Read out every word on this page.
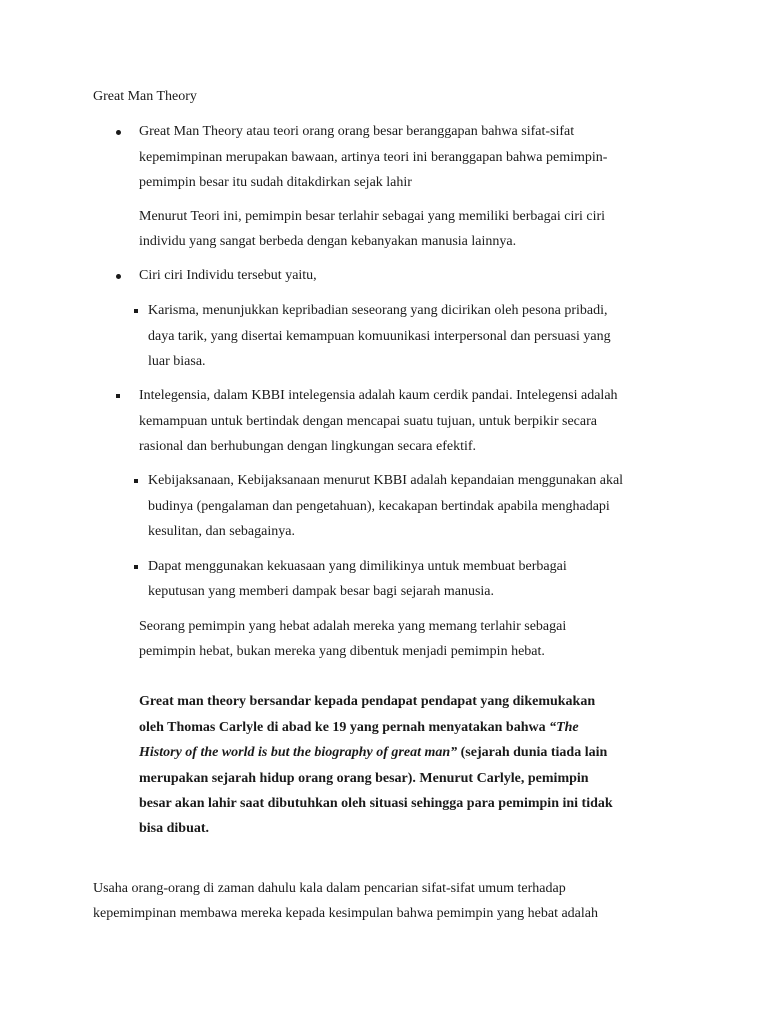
Great Man Theory
Great Man Theory atau teori orang orang besar beranggapan bahwa sifat-sifat
kepemimpinan merupakan bawaan, artinya teori ini beranggapan bahwa pemimpin-
pemimpin besar itu sudah ditakdirkan sejak lahir
Menurut Teori ini, pemimpin besar terlahir sebagai yang memiliki berbagai ciri ciri
individu yang sangat berbeda dengan kebanyakan manusia lainnya.
Ciri ciri Individu tersebut yaitu,
Karisma, menunjukkan kepribadian seseorang yang dicirikan oleh pesona pribadi,
daya tarik, yang disertai kemampuan komuunikasi interpersonal dan persuasi yang
luar biasa.
Intelegensia, dalam KBBI intelegensia adalah kaum cerdik pandai. Intelegensi adalah
kemampuan untuk bertindak dengan mencapai suatu tujuan, untuk berpikir secara
rasional dan berhubungan dengan lingkungan secara efektif.
Kebijaksanaan, Kebijaksanaan menurut KBBI adalah kepandaian menggunakan akal
budinya (pengalaman dan pengetahuan), kecakapan bertindak apabila menghadapi
kesulitan, dan sebagainya.
Dapat menggunakan kekuasaan yang dimilikinya untuk membuat berbagai
keputusan yang memberi dampak besar bagi sejarah manusia.
Seorang pemimpin yang hebat adalah mereka yang memang terlahir sebagai
pemimpin hebat, bukan mereka yang dibentuk menjadi pemimpin hebat.
Great man theory bersandar kepada pendapat pendapat yang dikemukakan
oleh Thomas Carlyle di abad ke 19 yang pernah menyatakan bahwa “The
History of the world is but the biography of great man” (sejarah dunia tiada lain
merupakan sejarah hidup orang orang besar). Menurut Carlyle, pemimpin
besar akan lahir saat dibutuhkan oleh situasi sehingga para pemimpin ini tidak
bisa dibuat.
Usaha orang-orang di zaman dahulu kala dalam pencarian sifat-sifat umum terhadap
kepemimpinan membawa mereka kepada kesimpulan bahwa pemimpin yang hebat adalah
